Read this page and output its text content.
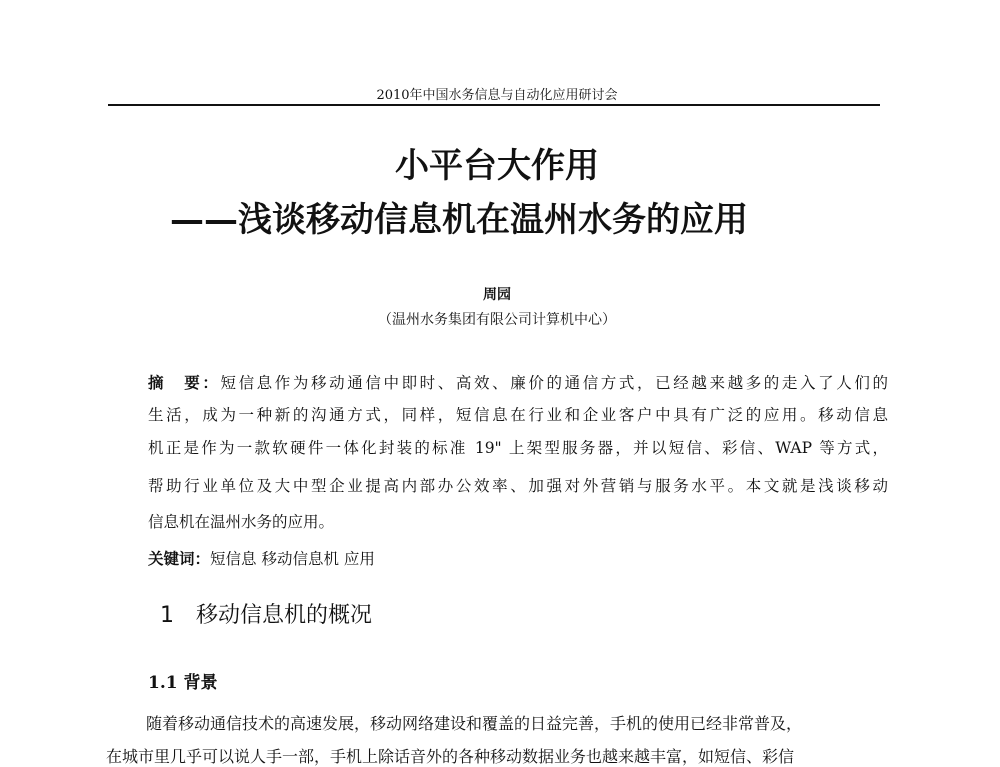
2010年中国水务信息与自动化应用研讨会
小平台大作用
——浅谈移动信息机在温州水务的应用
周园
（温州水务集团有限公司计算机中心）
摘　要：短信息作为移动通信中即时、高效、廉价的通信方式，已经越来越多的走入了人们的
生活，成为一种新的沟通方式，同样，短信息在行业和企业客户中具有广泛的应用。移动信息
机正是作为一款软硬件一体化封装的标准 19" 上架型服务器，并以短信、彩信、WAP 等方式，
帮助行业单位及大中型企业提高内部办公效率、加强对外营销与服务水平。本文就是浅谈移动
信息机在温州水务的应用。
关键词：短信息 移动信息机 应用
1 移动信息机的概况
1.1 背景
随着移动通信技术的高速发展，移动网络建设和覆盖的日益完善，手机的使用已经非常普及，
在城市里几乎可以说人手一部，手机上除话音外的各种移动数据业务也越来越丰富，如短信、彩信
